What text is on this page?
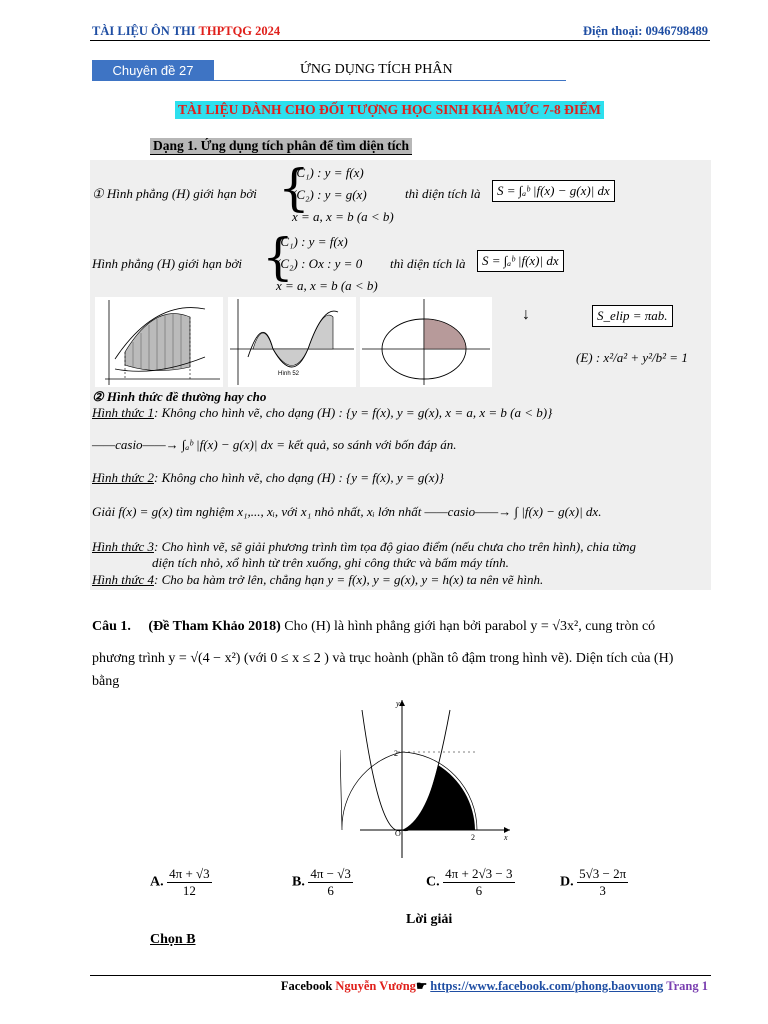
TÀI LIỆU ÔN THI THPTQG 2024	Điện thoại: 0946798489
Chuyên đề 27	ỨNG DỤNG TÍCH PHÂN
TÀI LIỆU DÀNH CHO ĐỐI TƯỢNG HỌC SINH KHÁ MỨC 7-8 ĐIỂM
Dạng 1. Ứng dụng tích phân để tìm diện tích
① Hình phẳng (H) giới hạn bởi {
(C₁) : y = f(x)
(C₂) : y = g(x)
x = a, x = b (a < b)
thì diện tích là	S = ∫ₐᵇ |f(x) − g(x)| dx
Hình phẳng (H) giới hạn bởi {
(C₁) : y = f(x)
(C₂) : Ox : y = 0
x = a, x = b (a < b)
thì diện tích là	S = ∫ₐᵇ |f(x)| dx
Hình 52
↓	S_elip = πab.
(E) : x²/a² + y²/b² = 1
② Hình thức đề thường hay cho
Hình thức 1: Không cho hình vẽ, cho dạng (H) : {y = f(x), y = g(x), x = a, x = b (a < b)}
——casio——→ ∫ₐᵇ |f(x) − g(x)| dx = kết quả, so sánh với bốn đáp án.
Hình thức 2: Không cho hình vẽ, cho dạng (H) : {y = f(x), y = g(x)}
Giải f(x) = g(x) tìm nghiệm x₁,..., xᵢ, với x₁ nhỏ nhất, xᵢ lớn nhất ——casio——→ ∫ |f(x) − g(x)| dx.
Hình thức 3: Cho hình vẽ, sẽ giải phương trình tìm tọa độ giao điểm (nếu chưa cho trên hình), chia từng
diện tích nhỏ, xổ hình từ trên xuống, ghi công thức và bấm máy tính.
Hình thức 4: Cho ba hàm trở lên, chẳng hạn y = f(x), y = g(x), y = h(x) ta nên vẽ hình.
Câu 1. (Đề Tham Khảo 2018) Cho (H) là hình phẳng giới hạn bởi parabol y = √3x², cung tròn có
phương trình y = √(4 − x²) (với 0 ≤ x ≤ 2 ) và trục hoành (phần tô đậm trong hình vẽ). Diện tích của (H)
bằng
y
x
O
2
2
A. $\frac{4\pi + √3}{12}$	B. $\frac{4\pi - √3}{6}$	C. $\frac{4\pi + 2√3 - 3}{6}$	D. $\frac{5√3 - 2\pi}{3}$
Lời giải
Chọn B
Facebook Nguyễn Vương☛ https://www.facebook.com/phong.baovuong Trang 1
